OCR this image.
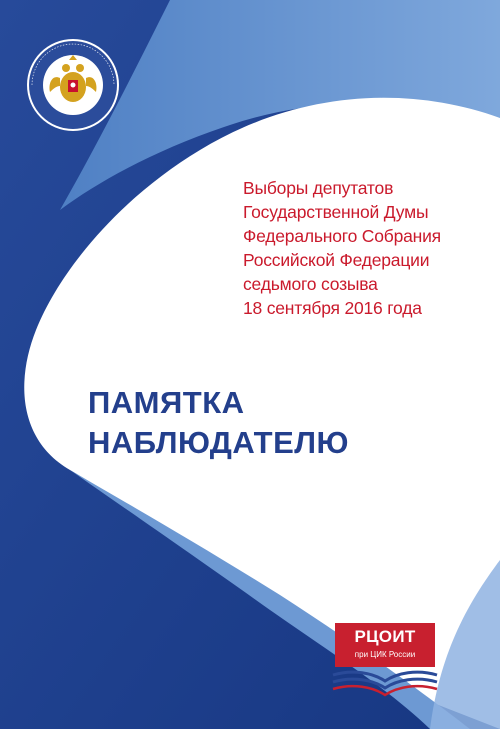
Выборы депутатов
Государственной Думы
Федерального Собрания
Российской Федерации
седьмого созыва
18 сентября 2016 года
ПАМЯТКА
НАБЛЮДАТЕЛЮ
РЦОИТ
при ЦИК России
